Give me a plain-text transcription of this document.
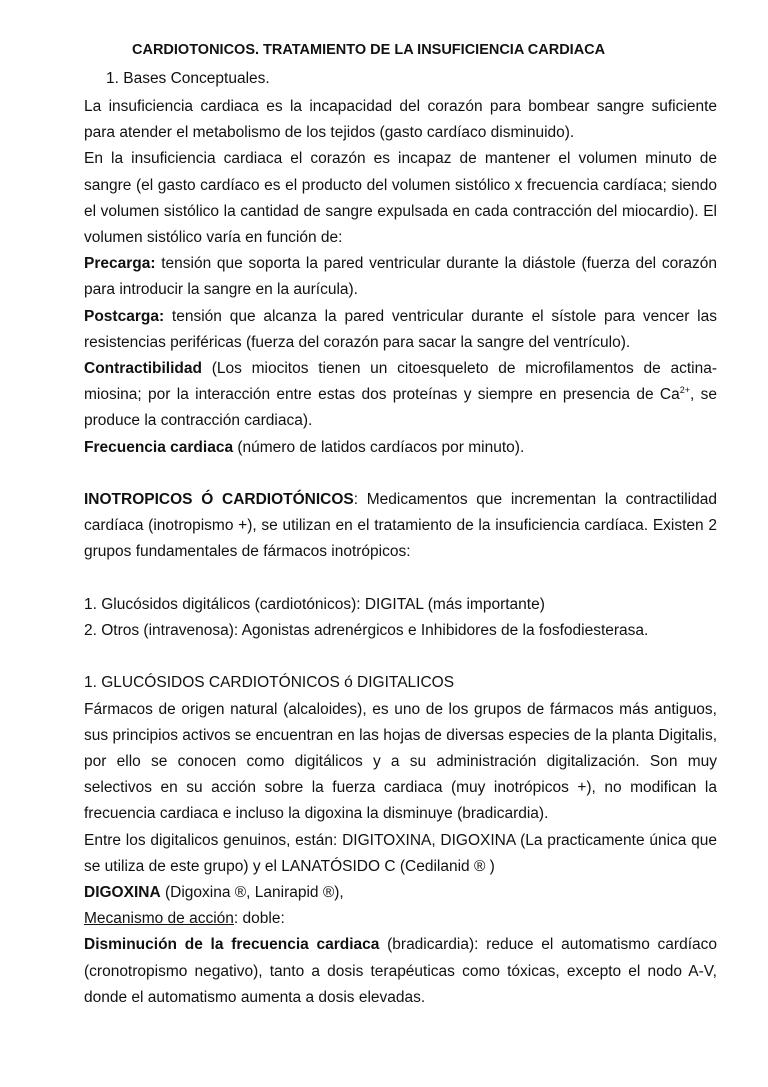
CARDIOTONICOS. TRATAMIENTO DE LA INSUFICIENCIA CARDIACA
1. Bases Conceptuales.

La insuficiencia cardiaca es la incapacidad del corazón para bombear sangre suficiente para atender el metabolismo de los tejidos (gasto cardíaco disminuido).

En la insuficiencia cardiaca el corazón es incapaz de mantener el volumen minuto de sangre (el gasto cardíaco es el producto del volumen sistólico x frecuencia cardíaca; siendo el volumen sistólico la cantidad de sangre expulsada en cada contracción del miocardio). El volumen sistólico varía en función de:

Precarga: tensión que soporta la pared ventricular durante la diástole (fuerza del corazón para introducir la sangre en la aurícula).

Postcarga: tensión que alcanza la pared ventricular durante el sístole para vencer las resistencias periféricas (fuerza del corazón para sacar la sangre del ventrículo).

Contractibilidad (Los miocitos tienen un citoesqueleto de microfilamentos de actina-miosina; por la interacción entre estas dos proteínas y siempre en presencia de $Ca^{2+}$, se produce la contracción cardiaca).

Frecuencia cardiaca (número de latidos cardíacos por minuto).

INOTROPICOS Ó CARDIOTÓNICOS: Medicamentos que incrementan la contractilidad cardíaca (inotropismo +), se utilizan en el tratamiento de la insuficiencia cardíaca. Existen 2 grupos fundamentales de fármacos inotrópicos:

1. Glucósidos digitálicos (cardiotónicos): DIGITAL (más importante)

2. Otros (intravenosa): Agonistas adrenérgicos e Inhibidores de la fosfodiesterasa.

1. GLUCÓSIDOS CARDIOTÓNICOS ó DIGITALICOS

Fármacos de origen natural (alcaloides), es uno de los grupos de fármacos más antiguos, sus principios activos se encuentran en las hojas de diversas especies de la planta Digitalis, por ello se conocen como digitálicos y a su administración digitalización. Son muy selectivos en su acción sobre la fuerza cardiaca (muy inotrópicos +), no modifican la frecuencia cardiaca e incluso la digoxina la disminuye (bradicardia).

Entre los digitalicos genuinos, están: DIGITOXINA, DIGOXINA (La practicamente única que se utiliza de este grupo) y el LANATÓSIDO C (Cedilanid ® )

DIGOXINA (Digoxina ®, Lanirapid ®),

Mecanismo de acción: doble:

Disminución de la frecuencia cardiaca (bradicardia): reduce el automatismo cardíaco (cronotropismo negativo), tanto a dosis terapéuticas como tóxicas, excepto el nodo A-V, donde el automatismo aumenta a dosis elevadas.
